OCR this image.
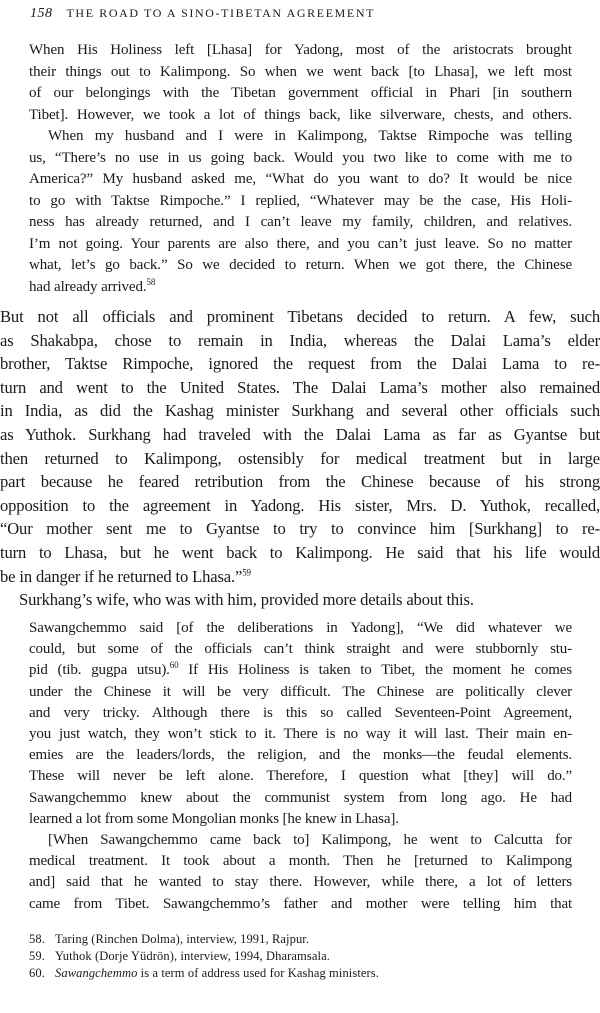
158 THE ROAD TO A SINO-TIBETAN AGREEMENT
When His Holiness left [Lhasa] for Yadong, most of the aristocrats brought
their things out to Kalimpong. So when we went back [to Lhasa], we left most
of our belongings with the Tibetan government official in Phari [in southern
Tibet]. However, we took a lot of things back, like silverware, chests, and others.
When my husband and I were in Kalimpong, Taktse Rimpoche was telling
us, “There’s no use in us going back. Would you two like to come with me to
America?” My husband asked me, “What do you want to do? It would be nice
to go with Taktse Rimpoche.” I replied, “Whatever may be the case, His Holi-
ness has already returned, and I can’t leave my family, children, and relatives.
I’m not going. Your parents are also there, and you can’t just leave. So no matter
what, let’s go back.” So we decided to return. When we got there, the Chinese
had already arrived.$^{58}$
But not all officials and prominent Tibetans decided to return. A few, such
as Shakabpa, chose to remain in India, whereas the Dalai Lama’s elder
brother, Taktse Rimpoche, ignored the request from the Dalai Lama to re-
turn and went to the United States. The Dalai Lama’s mother also remained
in India, as did the Kashag minister Surkhang and several other officials such
as Yuthok. Surkhang had traveled with the Dalai Lama as far as Gyantse but
then returned to Kalimpong, ostensibly for medical treatment but in large
part because he feared retribution from the Chinese because of his strong
opposition to the agreement in Yadong. His sister, Mrs. D. Yuthok, recalled,
“Our mother sent me to Gyantse to try to convince him [Surkhang] to re-
turn to Lhasa, but he went back to Kalimpong. He said that his life would
be in danger if he returned to Lhasa.”$^{59}$
Surkhang’s wife, who was with him, provided more details about this.
Sawangchemmo said [of the deliberations in Yadong], “We did whatever we
could, but some of the officials can’t think straight and were stubbornly stu-
pid (tib. gugpa utsu).$^{60}$ If His Holiness is taken to Tibet, the moment he comes
under the Chinese it will be very difficult. The Chinese are politically clever
and very tricky. Although there is this so called Seventeen-Point Agreement,
you just watch, they won’t stick to it. There is no way it will last. Their main en-
emies are the leaders/lords, the religion, and the monks—the feudal elements.
These will never be left alone. Therefore, I question what [they] will do.”
Sawangchemmo knew about the communist system from long ago. He had
learned a lot from some Mongolian monks [he knew in Lhasa].
[When Sawangchemmo came back to] Kalimpong, he went to Calcutta for
medical treatment. It took about a month. Then he [returned to Kalimpong
and] said that he wanted to stay there. However, while there, a lot of letters
came from Tibet. Sawangchemmo’s father and mother were telling him that
58. Taring (Rinchen Dolma), interview, 1991, Rajpur.
59. Yuthok (Dorje Yüdrön), interview, 1994, Dharamsala.
60. Sawangchemmo is a term of address used for Kashag ministers.
